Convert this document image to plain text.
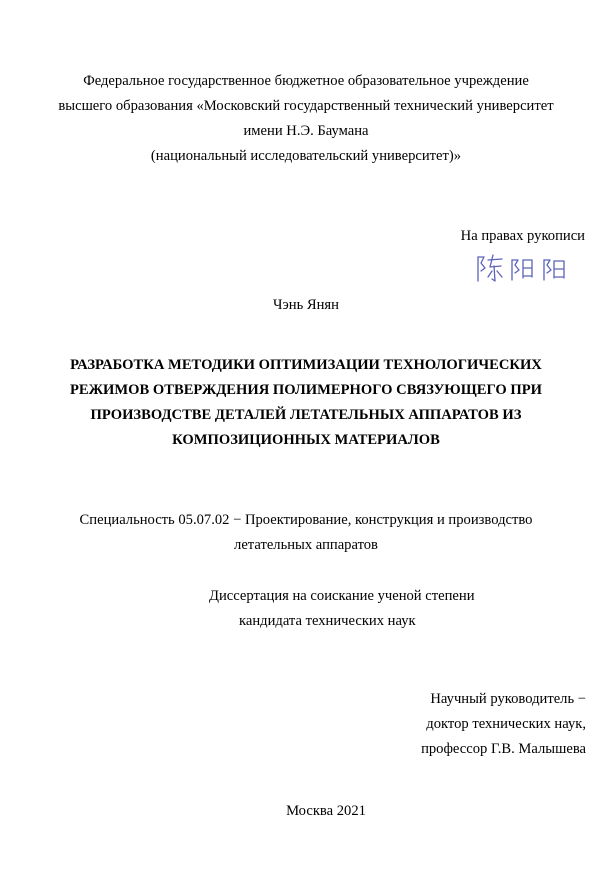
Федеральное государственное бюджетное образовательное учреждение
высшего образования «Московский государственный технический университет
имени Н.Э. Баумана
(национальный исследовательский университет)»
На правах рукописи
Чэнь Янян
РАЗРАБОТКА МЕТОДИКИ ОПТИМИЗАЦИИ ТЕХНОЛОГИЧЕСКИХ
РЕЖИМОВ ОТВЕРЖДЕНИЯ ПОЛИМЕРНОГО СВЯЗУЮЩЕГО ПРИ
ПРОИЗВОДСТВЕ ДЕТАЛЕЙ ЛЕТАТЕЛЬНЫХ АППАРАТОВ ИЗ
КОМПОЗИЦИОННЫХ МАТЕРИАЛОВ
Специальность 05.07.02 − Проектирование, конструкция и производство
летательных аппаратов
Диссертация на соискание ученой степени
кандидата технических наук
Научный руководитель −
доктор технических наук,
профессор Г.В. Малышева
Москва 2021
